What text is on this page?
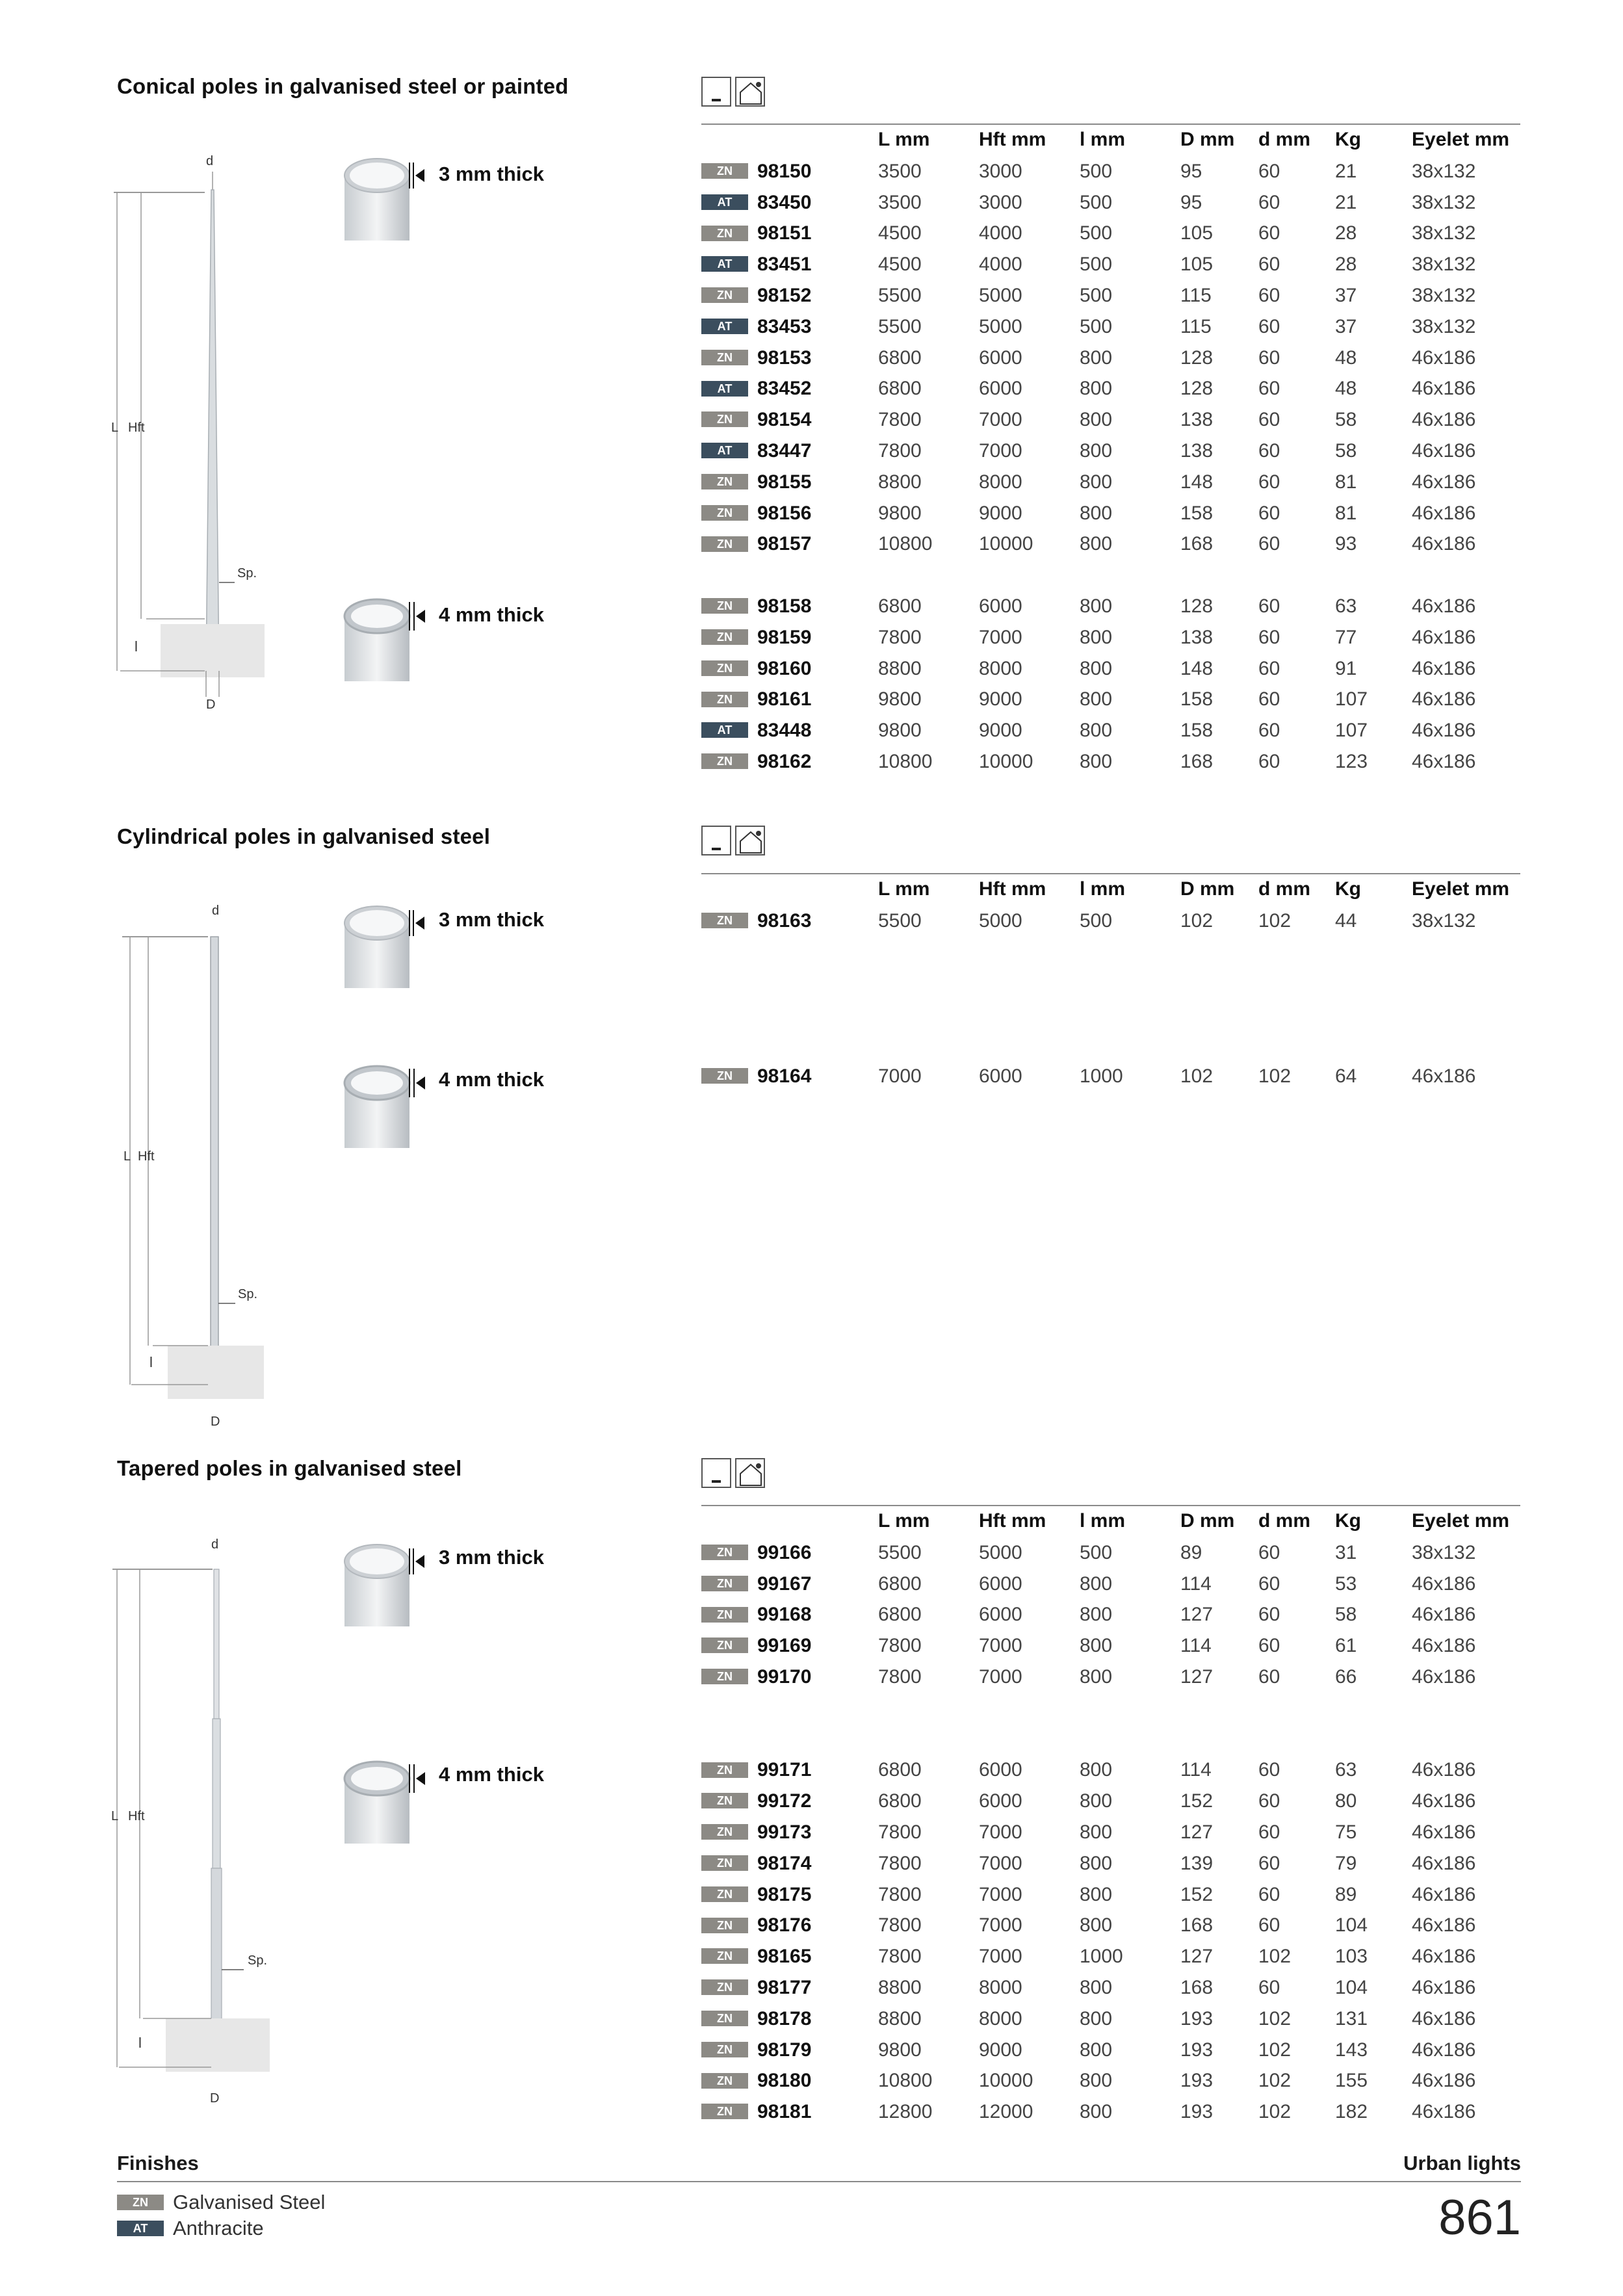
Conical poles in galvanised steel or painted
	L mm	Hft mm	l mm	D mm	d mm	Kg	Eyelet mm
ZN 98150	3500	3000	500	95	60	21	38x132
AT 83450	3500	3000	500	95	60	21	38x132
ZN 98151	4500	4000	500	105	60	28	38x132
AT 83451	4500	4000	500	105	60	28	38x132
ZN 98152	5500	5000	500	115	60	37	38x132
AT 83453	5500	5000	500	115	60	37	38x132
ZN 98153	6800	6000	800	128	60	48	46x186
AT 83452	6800	6000	800	128	60	48	46x186
ZN 98154	7800	7000	800	138	60	58	46x186
AT 83447	7800	7000	800	138	60	58	46x186
ZN 98155	8800	8000	800	148	60	81	46x186
ZN 98156	9800	9000	800	158	60	81	46x186
ZN 98157	10800	10000	800	168	60	93	46x186

ZN 98158	6800	6000	800	128	60	63	46x186
ZN 98159	7800	7000	800	138	60	77	46x186
ZN 98160	8800	8000	800	148	60	91	46x186
ZN 98161	9800	9000	800	158	60	107	46x186
AT 83448	9800	9000	800	158	60	107	46x186
ZN 98162	10800	10000	800	168	60	123	46x186
d
L Hft
l
D
Sp.
3 mm thick
4 mm thick
Cylindrical poles in galvanised steel
	L mm	Hft mm	l mm	D mm	d mm	Kg	Eyelet mm
ZN 98163	5500	5000	500	102	102	44	38x132

ZN 98164	7000	6000	1000	102	102	64	46x186
d
L Hft
l
D
Sp.
3 mm thick
4 mm thick
Tapered poles in galvanised steel
	L mm	Hft mm	l mm	D mm	d mm	Kg	Eyelet mm
ZN 99166	5500	5000	500	89	60	31	38x132
ZN 99167	6800	6000	800	114	60	53	46x186
ZN 99168	6800	6000	800	127	60	58	46x186
ZN 99169	7800	7000	800	114	60	61	46x186
ZN 99170	7800	7000	800	127	60	66	46x186

ZN 99171	6800	6000	800	114	60	63	46x186
ZN 99172	6800	6000	800	152	60	80	46x186
ZN 99173	7800	7000	800	127	60	75	46x186
ZN 98174	7800	7000	800	139	60	79	46x186
ZN 98175	7800	7000	800	152	60	89	46x186
ZN 98176	7800	7000	800	168	60	104	46x186
ZN 98165	7800	7000	1000	127	102	103	46x186
ZN 98177	8800	8000	800	168	60	104	46x186
ZN 98178	8800	8000	800	193	102	131	46x186
ZN 98179	9800	9000	800	193	102	143	46x186
ZN 98180	10800	10000	800	193	102	155	46x186
ZN 98181	12800	12000	800	193	102	182	46x186
d
L Hft
l
D
Sp.
3 mm thick
4 mm thick
Finishes	Urban lights
ZN	Galvanised Steel
AT	Anthracite	861
